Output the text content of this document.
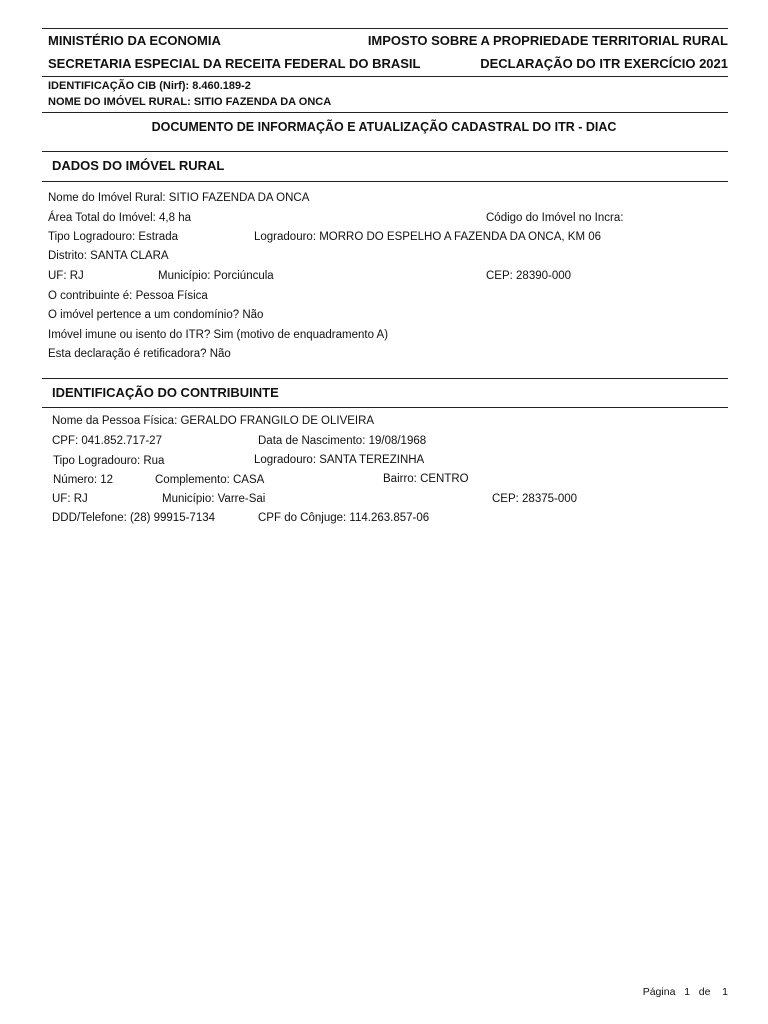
MINISTÉRIO DA ECONOMIA	IMPOSTO SOBRE A PROPRIEDADE TERRITORIAL RURAL
SECRETARIA ESPECIAL DA RECEITA FEDERAL DO BRASIL	DECLARAÇÃO DO ITR EXERCÍCIO 2021
IDENTIFICAÇÃO CIB (Nirf): 8.460.189-2
NOME DO IMÓVEL RURAL: SITIO FAZENDA DA ONCA
DOCUMENTO DE INFORMAÇÃO E ATUALIZAÇÃO CADASTRAL DO ITR - DIAC
DADOS DO IMÓVEL RURAL
Nome do Imóvel Rural: SITIO FAZENDA DA ONCA
Área Total do Imóvel: 4,8 ha	Código do Imóvel no Incra:
Tipo Logradouro: Estrada	Logradouro: MORRO DO ESPELHO A FAZENDA DA ONCA, KM 06
Distrito: SANTA CLARA
UF: RJ	Município: Porciúncula	CEP: 28390-000
O contribuinte é: Pessoa Física
O imóvel pertence a um condomínio? Não
Imóvel imune ou isento do ITR? Sim (motivo de enquadramento A)
Esta declaração é retificadora? Não
IDENTIFICAÇÃO DO CONTRIBUINTE
Nome da Pessoa Física: GERALDO FRANGILO DE OLIVEIRA
CPF: 041.852.717-27	Data de Nascimento: 19/08/1968
Tipo Logradouro: Rua	Logradouro: SANTA TEREZINHA
Número: 12	Complemento: CASA	Bairro: CENTRO
UF: RJ	Município: Varre-Sai	CEP: 28375-000
DDD/Telefone: (28) 99915-7134	CPF do Cônjuge: 114.263.857-06
Página 1 de 1
